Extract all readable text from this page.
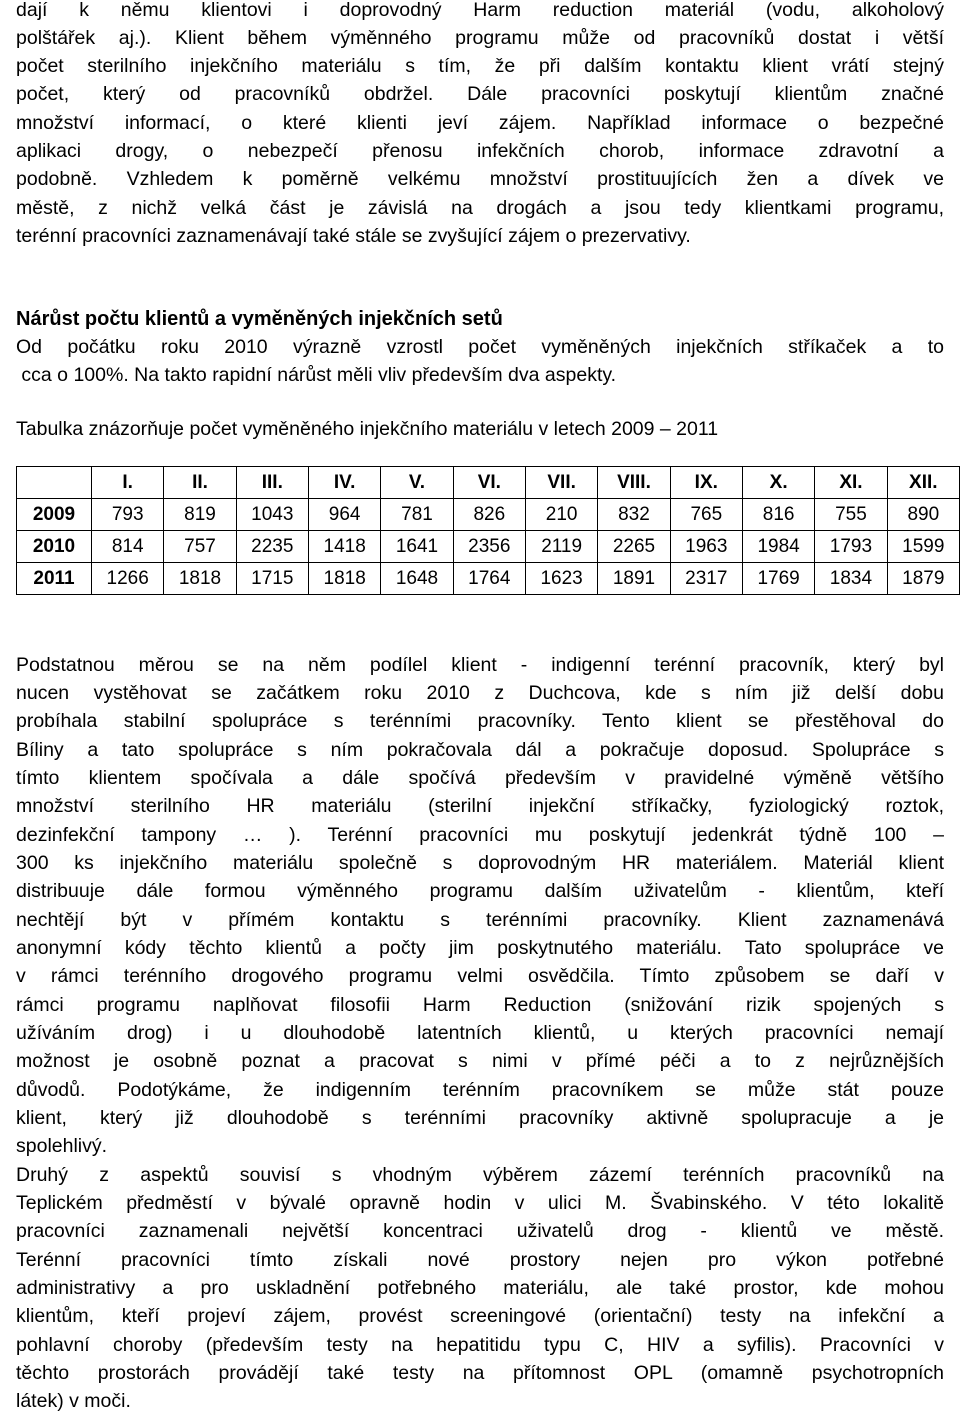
dají k němu klientovi i doprovodný Harm reduction materiál (vodu, alkoholový
polštářek aj.). Klient během výměnného programu může od pracovníků dostat i větší
počet sterilního injekčního materiálu s tím, že při dalším kontaktu klient vrátí stejný
počet, který od pracovníků obdržel. Dále pracovníci poskytují klientům značné
množství informací, o které klienti jeví zájem. Například informace o bezpečné
aplikaci drogy, o nebezpečí přenosu infekčních chorob, informace zdravotní a
podobně. Vzhledem k poměrně velkému množství prostituujících žen a dívek ve
městě, z nichž velká část je závislá na drogách a jsou tedy klientkami programu,
terénní pracovníci zaznamenávají také stále se zvyšující zájem o prezervativy.
Nárůst počtu klientů a vyměněných injekčních setů
Od počátku roku 2010 výrazně vzrostl počet vyměněných injekčních stříkaček a to
cca o 100%. Na takto rapidní nárůst měli vliv především dva aspekty.
Tabulka znázorňuje počet vyměněného injekčního materiálu v letech 2009 – 2011
	I.	II.	III.	IV.	V.	VI.	VII.	VIII.	IX.	X.	XI.	XII.
2009	793	819	1043	964	781	826	210	832	765	816	755	890
2010	814	757	2235	1418	1641	2356	2119	2265	1963	1984	1793	1599
2011	1266	1818	1715	1818	1648	1764	1623	1891	2317	1769	1834	1879
Podstatnou měrou se na něm podílel klient - indigenní terénní pracovník, který byl
nucen vystěhovat se začátkem roku 2010 z Duchcova, kde s ním již delší dobu
probíhala stabilní spolupráce s terénními pracovníky. Tento klient se přestěhoval do
Bíliny a tato spolupráce s ním pokračovala dál a pokračuje doposud. Spolupráce s
tímto klientem spočívala a dále spočívá především v pravidelné výměně většího
množství sterilního HR materiálu (sterilní injekční stříkačky, fyziologický roztok,
dezinfekční tampony … ). Terénní pracovníci mu poskytují jedenkrát týdně 100 –
300 ks injekčního materiálu společně s doprovodným HR materiálem. Materiál klient
distribuuje dále formou výměnného programu dalším uživatelům - klientům, kteří
nechtějí být v přímém kontaktu s terénními pracovníky. Klient zaznamenává
anonymní kódy těchto klientů a počty jim poskytnutého materiálu. Tato spolupráce ve
v rámci terénního drogového programu velmi osvědčila. Tímto způsobem se daří v
rámci programu naplňovat filosofii Harm Reduction (snižování rizik spojených s
užíváním drog) i u dlouhodobě latentních klientů, u kterých pracovníci nemají
možnost je osobně poznat a pracovat s nimi v přímé péči a to z nejrůznějších
důvodů. Podotýkáme, že indigenním terénním pracovníkem se může stát pouze
klient, který již dlouhodobě s terénními pracovníky aktivně spolupracuje a je
spolehlivý.
Druhý z aspektů souvisí s vhodným výběrem zázemí terénních pracovníků na
Teplickém předměstí v bývalé opravně hodin v ulici M. Švabinského. V této lokalitě
pracovníci zaznamenali největší koncentraci uživatelů drog - klientů ve městě.
Terénní pracovníci tímto získali nové prostory nejen pro výkon potřebné
administrativy a pro uskladnění potřebného materiálu, ale také prostor, kde mohou
klientům, kteří projeví zájem, provést screeningové (orientační) testy na infekční a
pohlavní choroby (především testy na hepatitidu typu C, HIV a syfilis). Pracovníci v
těchto prostorách provádějí také testy na přítomnost OPL (omamně psychotropních
látek) v moči.
